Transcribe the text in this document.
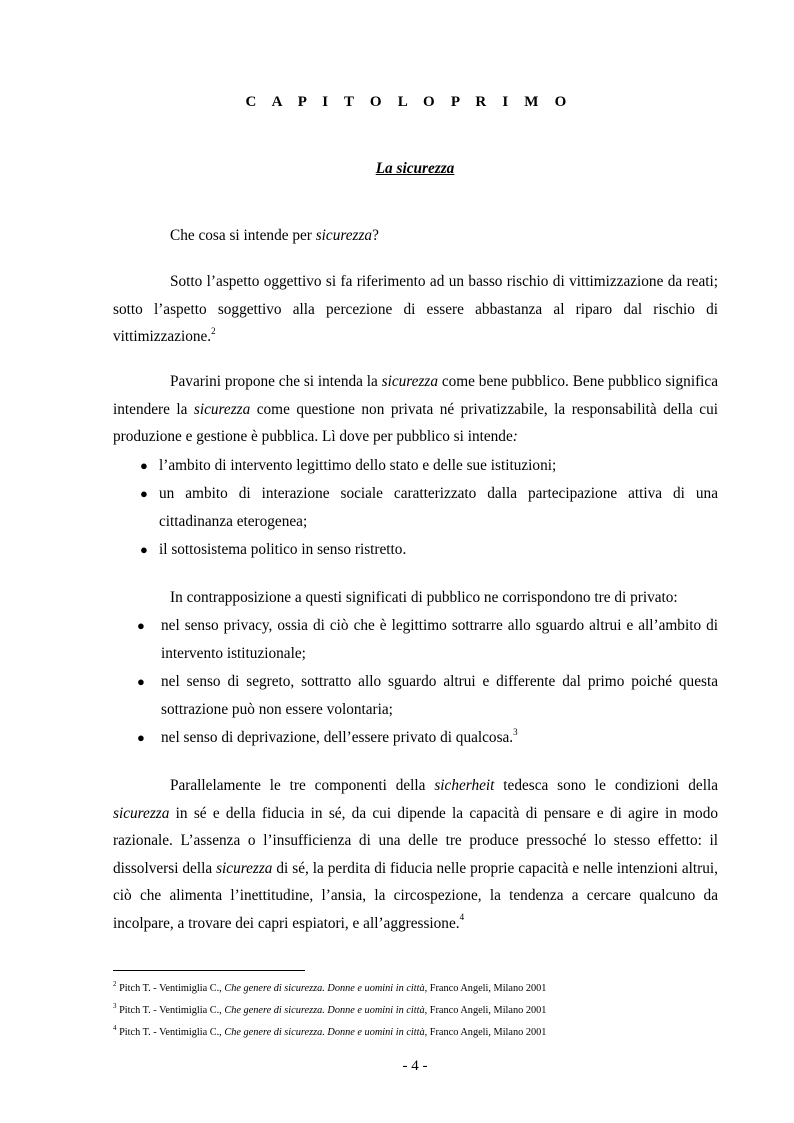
C A P I T O L O P R I M O
La sicurezza

Che cosa si intende per sicurezza?

Sotto l’aspetto oggettivo si fa riferimento ad un basso rischio di vittimizzazione da reati; sotto l’aspetto soggettivo alla percezione di essere abbastanza al riparo dal rischio di vittimizzazione.$^2$

Pavarini propone che si intenda la sicurezza come bene pubblico. Bene pubblico significa intendere la sicurezza come questione non privata né privatizzabile, la responsabilità della cui produzione e gestione è pubblica. Lì dove per pubblico si intende:

● l’ambito di intervento legittimo dello stato e delle sue istituzioni;
● un ambito di interazione sociale caratterizzato dalla partecipazione attiva di una cittadinanza eterogenea;
● il sottosistema politico in senso ristretto.

In contrapposizione a questi significati di pubblico ne corrispondono tre di privato:

●	nel senso privacy, ossia di ciò che è legittimo sottrarre allo sguardo altrui e all’ambito di intervento istituzionale;
●	nel senso di segreto, sottratto allo sguardo altrui e differente dal primo poiché questa sottrazione può non essere volontaria;
●	nel senso di deprivazione, dell’essere privato di qualcosa.$^3$

Parallelamente le tre componenti della sicherheit tedesca sono le condizioni della sicurezza in sé e della fiducia in sé, da cui dipende la capacità di pensare e di agire in modo razionale. L’assenza o l’insufficienza di una delle tre produce pressoché lo stesso effetto: il dissolversi della sicurezza di sé, la perdita di fiducia nelle proprie capacità e nelle intenzioni altrui, ciò che alimenta l’inettitudine, l’ansia, la circospezione, la tendenza a cercare qualcuno da incolpare, a trovare dei capri espiatori, e all’aggressione.$^4$

$^2$ Pitch T. - Ventimiglia C., Che genere di sicurezza. Donne e uomini in città, Franco Angeli, Milano 2001
$^3$ Pitch T. - Ventimiglia C., Che genere di sicurezza. Donne e uomini in città, Franco Angeli, Milano 2001
$^4$ Pitch T. - Ventimiglia C., Che genere di sicurezza. Donne e uomini in città, Franco Angeli, Milano 2001
- 4 -
